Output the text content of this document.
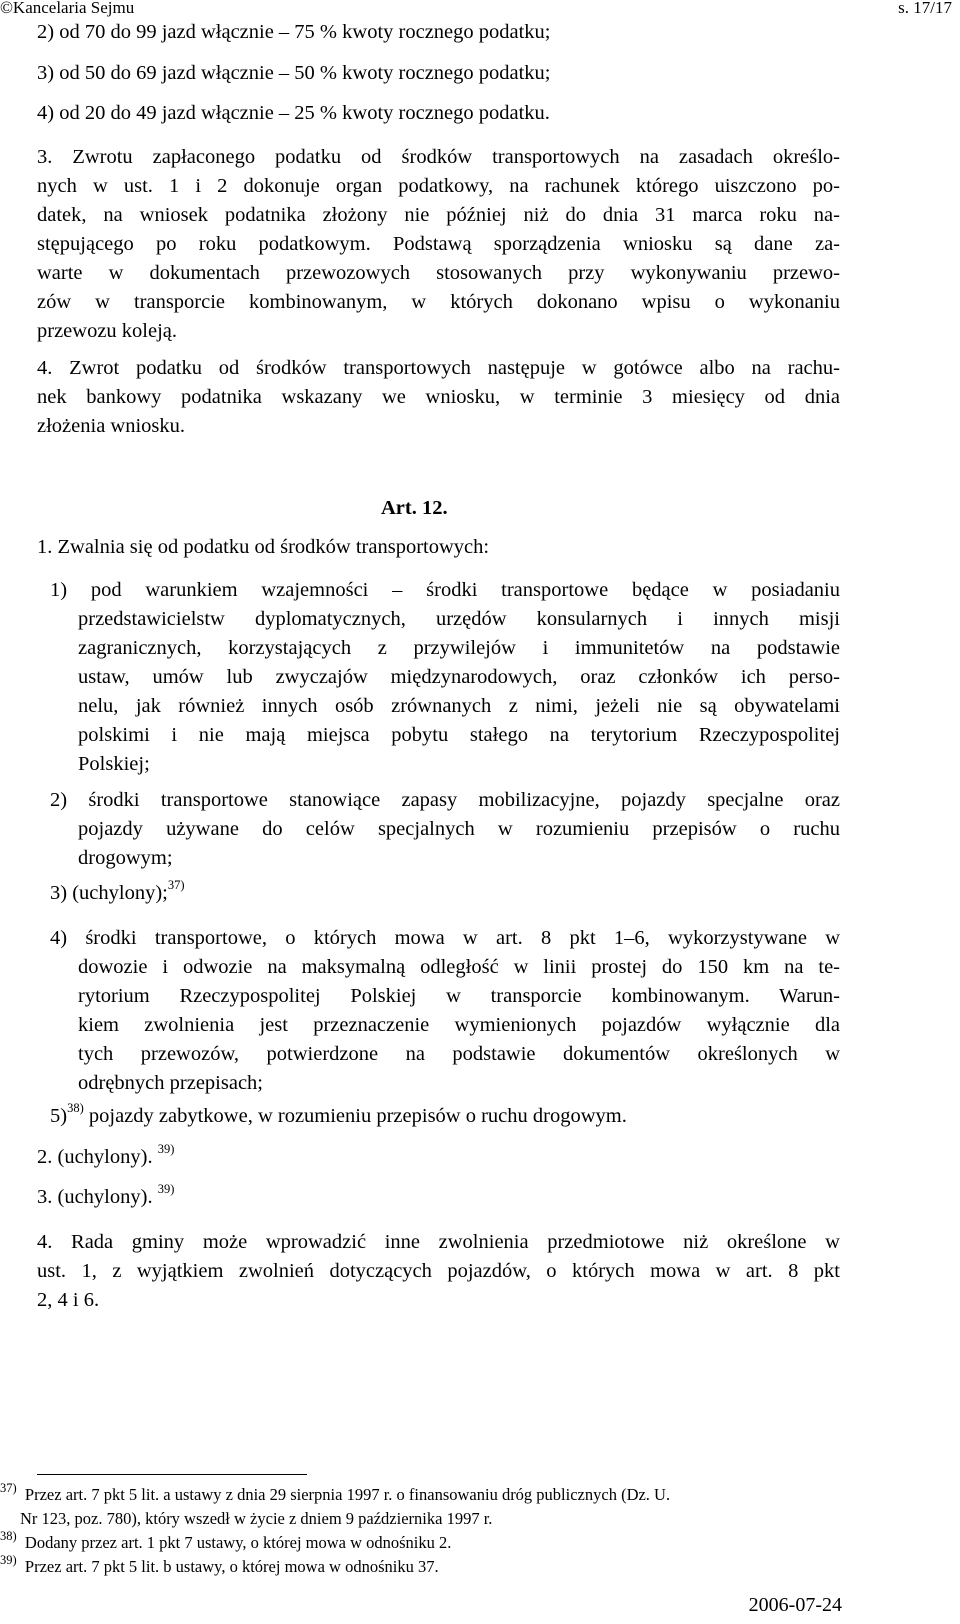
©Kancelaria Sejmu	s. 17/17
2) od 70 do 99 jazd włącznie – 75 % kwoty rocznego podatku;
3) od 50 do 69 jazd włącznie – 50 % kwoty rocznego podatku;
4) od 20 do 49 jazd włącznie – 25 % kwoty rocznego podatku.
3. Zwrotu zapłaconego podatku od środków transportowych na zasadach określo-
nych w ust. 1 i 2 dokonuje organ podatkowy, na rachunek którego uiszczono po-
datek, na wniosek podatnika złożony nie później niż do dnia 31 marca roku na-
stępującego po roku podatkowym. Podstawą sporządzenia wniosku są dane za-
warte w dokumentach przewozowych stosowanych przy wykonywaniu przewo-
zów w transporcie kombinowanym, w których dokonano wpisu o wykonaniu
przewozu koleją.
4. Zwrot podatku od środków transportowych następuje w gotówce albo na rachu-
nek bankowy podatnika wskazany we wniosku, w terminie 3 miesięcy od dnia
złożenia wniosku.
Art. 12.
1. Zwalnia się od podatku od środków transportowych:
1) pod warunkiem wzajemności – środki transportowe będące w posiadaniu
przedstawicielstw dyplomatycznych, urzędów konsularnych i innych misji
zagranicznych, korzystających z przywilejów i immunitetów na podstawie
ustaw, umów lub zwyczajów międzynarodowych, oraz członków ich perso-
nelu, jak również innych osób zrównanych z nimi, jeżeli nie są obywatelami
polskimi i nie mają miejsca pobytu stałego na terytorium Rzeczypospolitej
Polskiej;
2) środki transportowe stanowiące zapasy mobilizacyjne, pojazdy specjalne oraz
pojazdy używane do celów specjalnych w rozumieniu przepisów o ruchu
drogowym;
3) (uchylony);$^{37)}$
4) środki transportowe, o których mowa w art. 8 pkt 1–6, wykorzystywane w
dowozie i odwozie na maksymalną odległość w linii prostej do 150 km na te-
rytorium Rzeczypospolitej Polskiej w transporcie kombinowanym. Warun-
kiem zwolnienia jest przeznaczenie wymienionych pojazdów wyłącznie dla
tych przewozów, potwierdzone na podstawie dokumentów określonych w
odrębnych przepisach;
5)$^{38)}$ pojazdy zabytkowe, w rozumieniu przepisów o ruchu drogowym.
2. (uchylony). $^{39)}$
3. (uchylony). $^{39)}$
4. Rada gminy może wprowadzić inne zwolnienia przedmiotowe niż określone w
ust. 1, z wyjątkiem zwolnień dotyczących pojazdów, o których mowa w art. 8 pkt
2, 4 i 6.
$^{37)}$ Przez art. 7 pkt 5 lit. a ustawy z dnia 29 sierpnia 1997 r. o finansowaniu dróg publicznych (Dz. U.
Nr 123, poz. 780), który wszedł w życie z dniem 9 października 1997 r.
$^{38)}$ Dodany przez art. 1 pkt 7 ustawy, o której mowa w odnośniku 2.
$^{39)}$ Przez art. 7 pkt 5 lit. b ustawy, o której mowa w odnośniku 37.
2006-07-24
